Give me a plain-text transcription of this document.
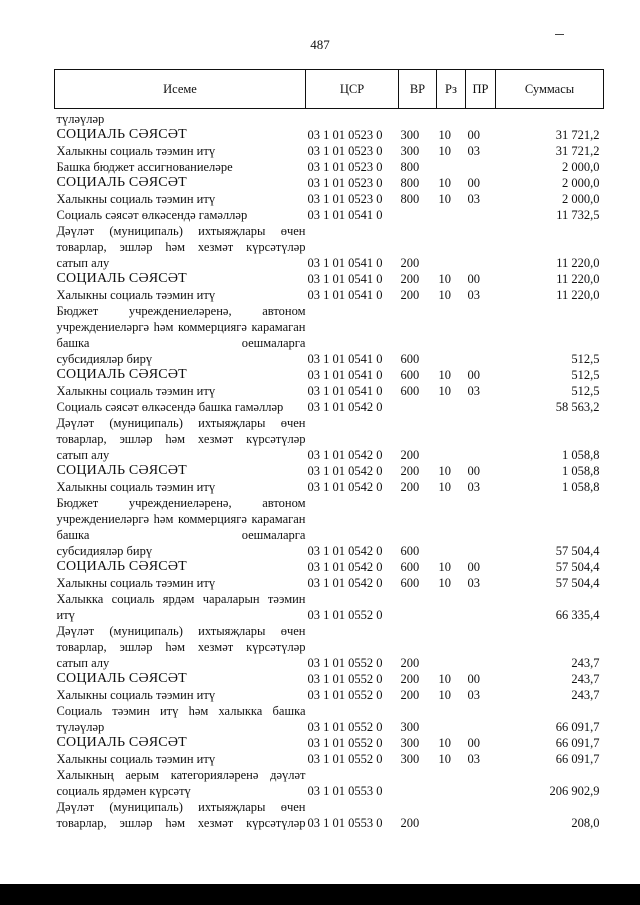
487
Исеме	ЦСР	ВР	Рз	ПР	Суммасы

түләүләр					
СОЦИАЛЬ СӘЯСӘТ	03 1 01 0523 0	300	10	00	31 721,2
Халыкны социаль тәэмин итү	03 1 01 0523 0	300	10	03	31 721,2
Башка бюджет ассигнованиеләре	03 1 01 0523 0	800			2 000,0
СОЦИАЛЬ СӘЯСӘТ	03 1 01 0523 0	800	10	00	2 000,0
Халыкны социаль тәэмин итү	03 1 01 0523 0	800	10	03	2 000,0
Социаль сәясәт өлкәсендә гамәлләр	03 1 01 0541 0				11 732,5
Дәүләт (муниципаль) ихтыяҗлары өчен товарлар, эшләр һәм хезмәт күрсәтүләр
сатып алу	03 1 01 0541 0	200			11 220,0
СОЦИАЛЬ СӘЯСӘТ	03 1 01 0541 0	200	10	00	11 220,0
Халыкны социаль тәэмин итү	03 1 01 0541 0	200	10	03	11 220,0
Бюджет учреждениеләренә, автоном учреждениеләргә һәм коммерциягә карамаган башка оешмаларга
субсидияләр бирү	03 1 01 0541 0	600			512,5
СОЦИАЛЬ СӘЯСӘТ	03 1 01 0541 0	600	10	00	512,5
Халыкны социаль тәэмин итү	03 1 01 0541 0	600	10	03	512,5
Социаль сәясәт өлкәсендә башка гамәлләр	03 1 01 0542 0				58 563,2
Дәүләт (муниципаль) ихтыяҗлары өчен товарлар, эшләр һәм хезмәт күрсәтүләр
сатып алу	03 1 01 0542 0	200			1 058,8
СОЦИАЛЬ СӘЯСӘТ	03 1 01 0542 0	200	10	00	1 058,8
Халыкны социаль тәэмин итү	03 1 01 0542 0	200	10	03	1 058,8
Бюджет учреждениеләренә, автоном учреждениеләргә һәм коммерциягә карамаган башка оешмаларга
субсидияләр бирү	03 1 01 0542 0	600			57 504,4
СОЦИАЛЬ СӘЯСӘТ	03 1 01 0542 0	600	10	00	57 504,4
Халыкны социаль тәэмин итү	03 1 01 0542 0	600	10	03	57 504,4
Халыкка социаль ярдәм чараларын тәэмин
итү	03 1 01 0552 0				66 335,4
Дәүләт (муниципаль) ихтыяҗлары өчен товарлар, эшләр һәм хезмәт күрсәтүләр
сатып алу	03 1 01 0552 0	200			243,7
СОЦИАЛЬ СӘЯСӘТ	03 1 01 0552 0	200	10	00	243,7
Халыкны социаль тәэмин итү	03 1 01 0552 0	200	10	03	243,7
Социаль тәэмин итү һәм халыкка башка
түләүләр	03 1 01 0552 0	300			66 091,7
СОЦИАЛЬ СӘЯСӘТ	03 1 01 0552 0	300	10	00	66 091,7
Халыкны социаль тәэмин итү	03 1 01 0552 0	300	10	03	66 091,7
Халыкның аерым категорияләренә дәүләт
социаль ярдәмен күрсәтү	03 1 01 0553 0				206 902,9
Дәүләт (муниципаль) ихтыяҗлары өчен товарлар, эшләр һәм хезмәт күрсәтүләр	03 1 01 0553 0	200			208,0
